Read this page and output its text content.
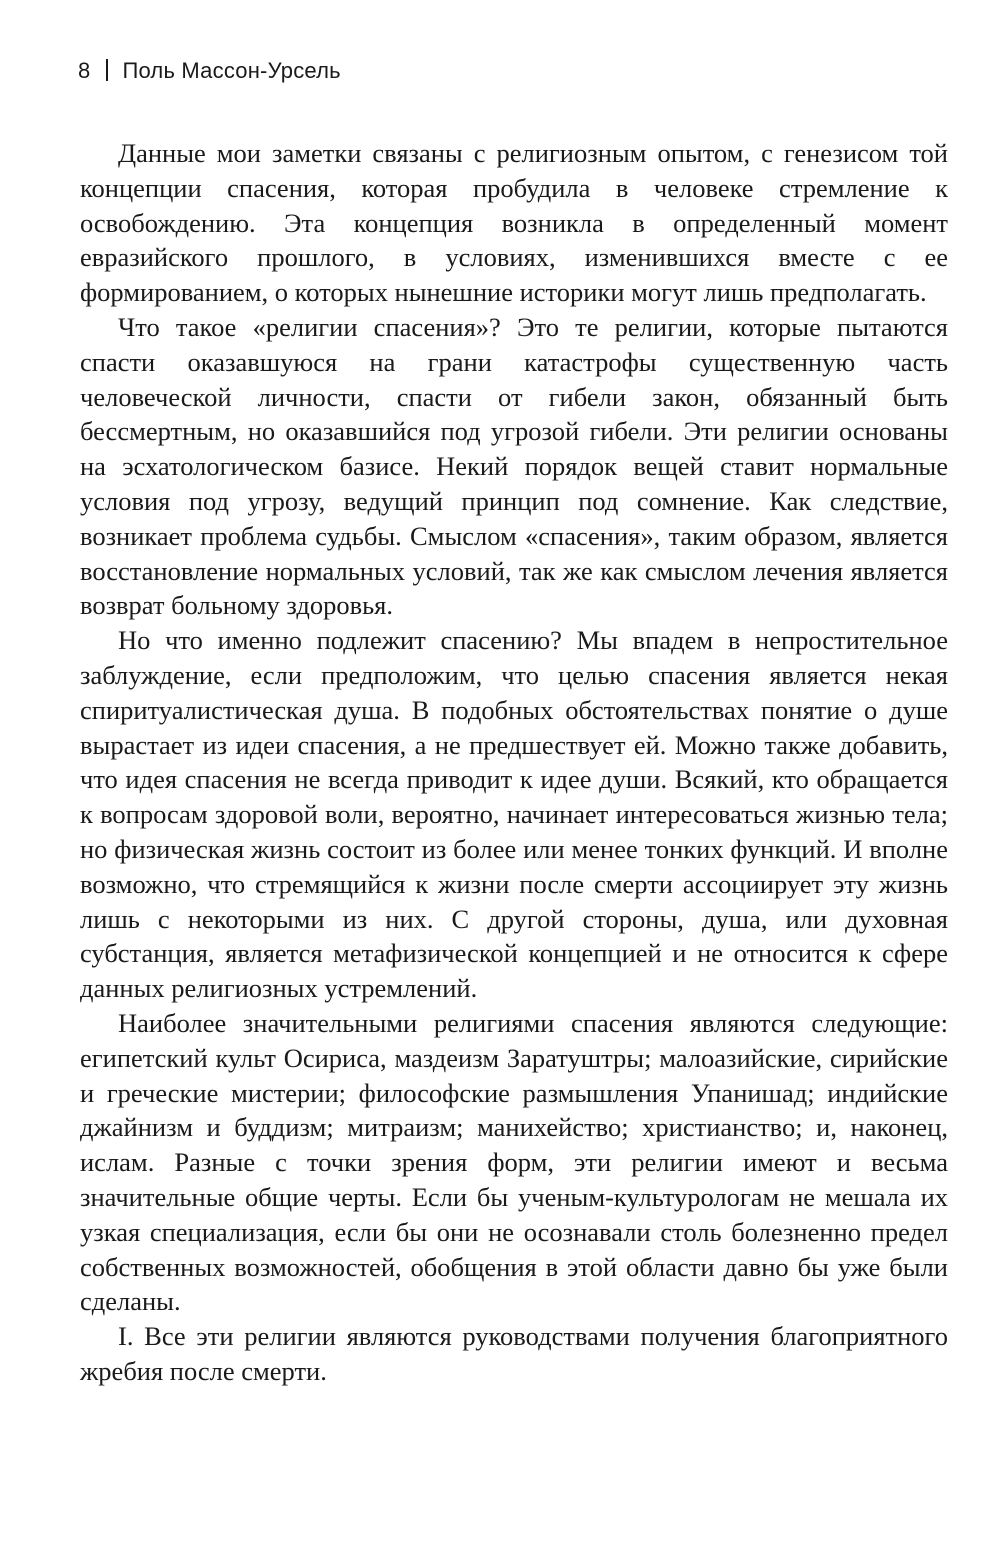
8 Поль Массон-Урсель

Данные мои заметки связаны с религиозным опытом, с генезисом той концепции спасения, которая пробудила в человеке стремление к освобождению. Эта концепция возникла в определенный момент евразийского прошлого, в условиях, изменившихся вместе с ее формированием, о которых нынешние историки могут лишь предполагать.

Что такое «религии спасения»? Это те религии, которые пытаются спасти оказавшуюся на грани катастрофы существенную часть человеческой личности, спасти от гибели закон, обязанный быть бессмертным, но оказавшийся под угрозой гибели. Эти религии основаны на эсхатологическом базисе. Некий порядок вещей ставит нормальные условия под угрозу, ведущий принцип под сомнение. Как следствие, возникает проблема судьбы. Смыслом «спасения», таким образом, является восстановление нормальных условий, так же как смыслом лечения является возврат больному здоровья.

Но что именно подлежит спасению? Мы впадем в непростительное заблуждение, если предположим, что целью спасения является некая спиритуалистическая душа. В подобных обстоятельствах понятие о душе вырастает из идеи спасения, а не предшествует ей. Можно также добавить, что идея спасения не всегда приводит к идее души. Всякий, кто обращается к вопросам здоровой воли, вероятно, начинает интересоваться жизнью тела; но физическая жизнь состоит из более или менее тонких функций. И вполне возможно, что стремящийся к жизни после смерти ассоциирует эту жизнь лишь с некоторыми из них. С другой стороны, душа, или духовная субстанция, является метафизической концепцией и не относится к сфере данных религиозных устремлений.

Наиболее значительными религиями спасения являются следующие: египетский культ Осириса, маздеизм Заратуштры; малоазийские, сирийские и греческие мистерии; философские размышления Упанишад; индийские джайнизм и буддизм; митраизм; манихейство; христианство; и, наконец, ислам. Разные с точки зрения форм, эти религии имеют и весьма значительные общие черты. Если бы ученым-культурологам не мешала их узкая специализация, если бы они не осознавали столь болезненно предел собственных возможностей, обобщения в этой области давно бы уже были сделаны.

I. Все эти религии являются руководствами получения благоприятного жребия после смерти.
